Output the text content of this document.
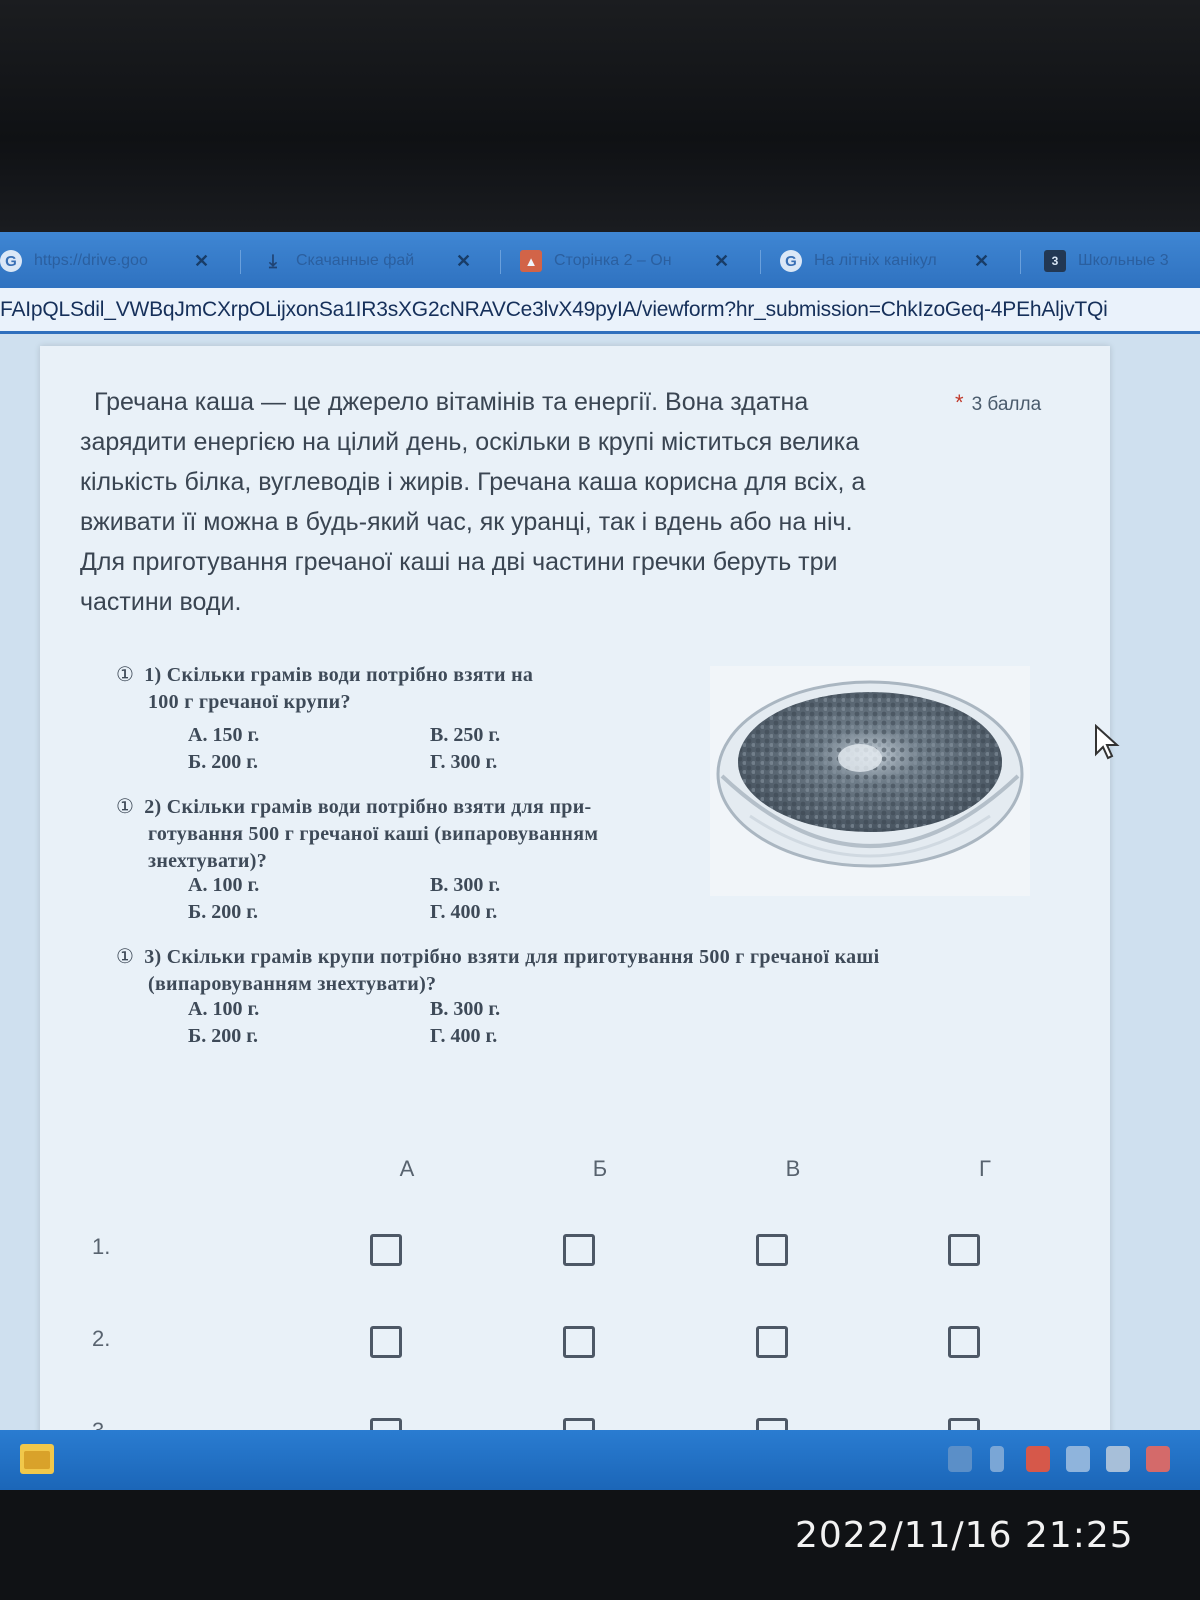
G	https://drive.goo	✕	⤓	Скачанные фай	✕	▲ Сторінка 2 – Он	✕	G	На літніх канікул	✕	3	Школьные 3
FAIpQLSdil_VWBqJmCXrpOLijxonSa1IR3sXG2cNRAVCe3lvX49pyIA/viewform?hr_submission=ChkIzoGeq-4PEhAljvTQi
Гречана каша — це джерело вітамінів та енергії. Вона здатна
зарядити енергією на цілий день, оскільки в крупі міститься велика
кількість білка, вуглеводів і жирів. Гречана каша корисна для всіх, а
вживати її можна в будь-який час, як уранці, так і вдень або на ніч.
Для приготування гречаної каші на дві частини гречки беруть три
частини води.
* 3 балла
① 1) Скільки грамів води потрібно взяти на
100 г гречаної крупи?
А. 150 г.
Б. 200 г.
В. 250 г.
Г. 300 г.
① 2) Скільки грамів води потрібно взяти для при-
готування 500 г гречаної каші (випаровуванням
знехтувати)?
А. 100 г.
Б. 200 г.
В. 300 г.
Г. 400 г.
① 3) Скільки грамів крупи потрібно взяти для приготування 500 г гречаної каші
(випаровуванням знехтувати)?
А. 100 г.
Б. 200 г.
В. 300 г.
Г. 400 г.
А	Б	В	Г
1.
2.
2022/11/16 21:25
